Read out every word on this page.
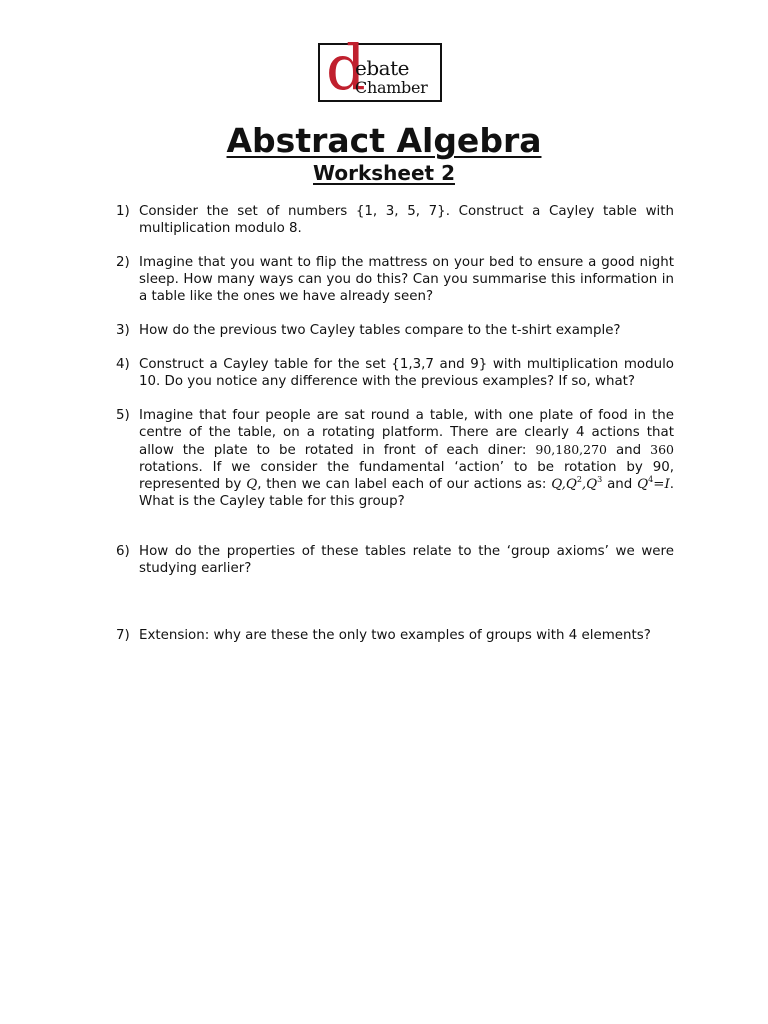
d
ebate
Chamber
Abstract Algebra
Worksheet 2
1) Consider the set of numbers {1, 3, 5, 7}. Construct a Cayley table with multiplication modulo 8.
2) Imagine that you want to flip the mattress on your bed to ensure a good night sleep. How many ways can you do this? Can you summarise this information in a table like the ones we have already seen?
3) How do the previous two Cayley tables compare to the t-shirt example?
4) Construct a Cayley table for the set {1,3,7 and 9} with multiplication modulo 10. Do you notice any difference with the previous examples? If so, what?
5) Imagine that four people are sat round a table, with one plate of food in the centre of the table, on a rotating platform. There are clearly 4 actions that allow the plate to be rotated in front of each diner: 90,180,270 and 360 rotations. If we consider the fundamental ‘action’ to be rotation by 90, represented by Q, then we can label each of our actions as: $Q,Q^2,Q^3$ and $Q^4=I$. What is the Cayley table for this group?
6) How do the properties of these tables relate to the ‘group axioms’ we were studying earlier?
7) Extension: why are these the only two examples of groups with 4 elements?
